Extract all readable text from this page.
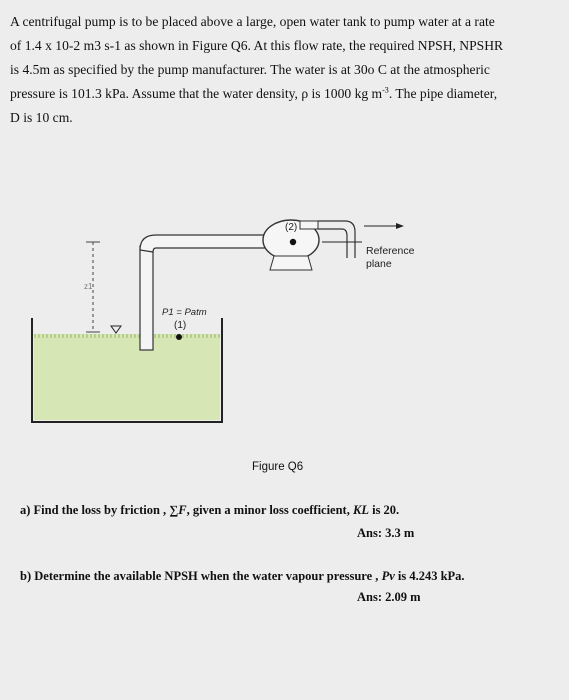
A centrifugal pump is to be placed above a large, open water tank to pump water at a rate
of 1.4 x 10-2 m3 s-1 as shown in Figure Q6. At this flow rate, the required NPSH, NPSHR
is 4.5m as specified by the pump manufacturer. The water is at 30o C at the atmospheric
pressure is 101.3 kPa. Assume that the water density, ρ is 1000 kg $m^{-3}$. The pipe diameter,
D is 10 cm.
(2)
Reference
plane
z1
P1 = Patm
(1)
Figure Q6
a) Find the loss by friction , ∑F, given a minor loss coefficient, KL is 20.
Ans: 3.3 m
b) Determine the available NPSH when the water vapour pressure , Pv is 4.243 kPa.
Ans: 2.09 m
